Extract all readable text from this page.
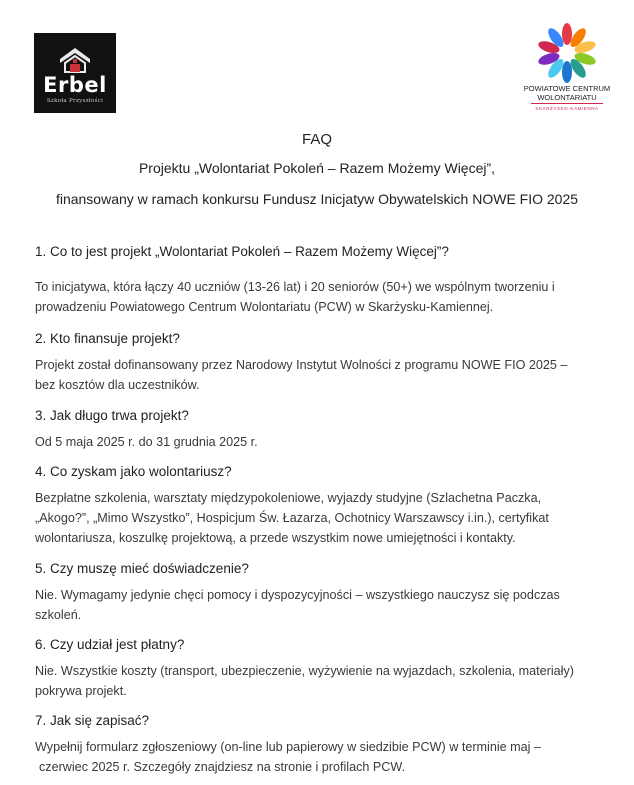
Erbel
Szkoła Przyszłości
POWIATOWE CENTRUM
WOLONTARIATU
SKARŻYSKO-KAMIENNA
FAQ
Projektu „Wolontariat Pokoleń – Razem Możemy Więcej”,
finansowany w ramach konkursu Fundusz Inicjatyw Obywatelskich NOWE FIO 2025

1. Co to jest projekt „Wolontariat Pokoleń – Razem Możemy Więcej”?

To inicjatywa, która łączy 40 uczniów (13-26 lat) i 20 seniorów (50+) we wspólnym tworzeniu i

prowadzeniu Powiatowego Centrum Wolontariatu (PCW) w Skarżysku-Kamiennej.

2. Kto finansuje projekt?

Projekt został dofinansowany przez Narodowy Instytut Wolności z programu NOWE FIO 2025 –

bez kosztów dla uczestników.

3. Jak długo trwa projekt?

Od 5 maja 2025 r. do 31 grudnia 2025 r.

4. Co zyskam jako wolontariusz?

Bezpłatne szkolenia, warsztaty międzypokoleniowe, wyjazdy studyjne (Szlachetna Paczka,

„Akogo?”, „Mimo Wszystko”, Hospicjum Św. Łazarza, Ochotnicy Warszawscy i.in.), certyfikat

wolontariusza, koszulkę projektową, a przede wszystkim nowe umiejętności i kontakty.

5. Czy muszę mieć doświadczenie?

Nie. Wymagamy jedynie chęci pomocy i dyspozycyjności – wszystkiego nauczysz się podczas

szkoleń.

6. Czy udział jest płatny?

Nie. Wszystkie koszty (transport, ubezpieczenie, wyżywienie na wyjazdach, szkolenia, materiały)

pokrywa projekt.

7. Jak się zapisać?

Wypełnij formularz zgłoszeniowy (on-line lub papierowy w siedzibie PCW) w terminie maj –

czerwiec 2025 r. Szczegóły znajdziesz na stronie i profilach PCW.
